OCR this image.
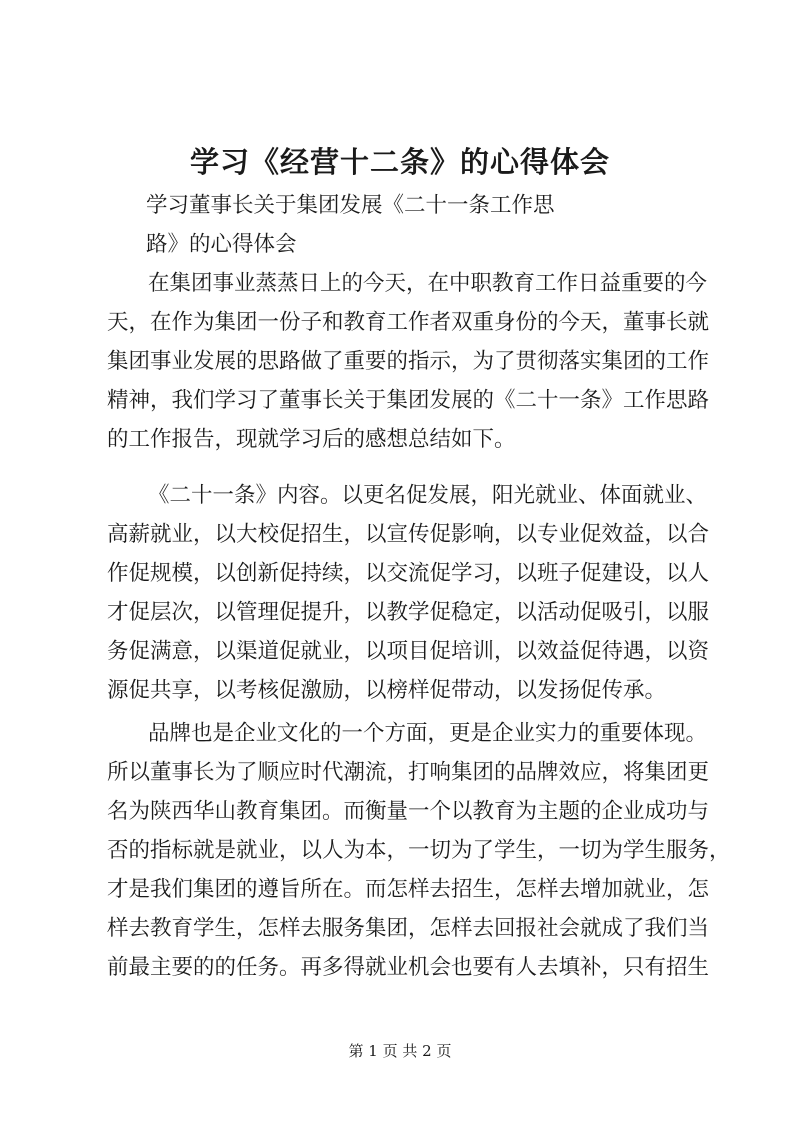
学习《经营十二条》的心得体会

学习董事长关于集团发展《二十一条工作思

路》的心得体会

在集团事业蒸蒸日上的今天，在中职教育工作日益重要的今

天，在作为集团一份子和教育工作者双重身份的今天，董事长就

集团事业发展的思路做了重要的指示，为了贯彻落实集团的工作

精神，我们学习了董事长关于集团发展的《二十一条》工作思路

的工作报告，现就学习后的感想总结如下。

《二十一条》内容。以更名促发展，阳光就业、体面就业、

高薪就业，以大校促招生，以宣传促影响，以专业促效益，以合

作促规模，以创新促持续，以交流促学习，以班子促建设，以人

才促层次，以管理促提升，以教学促稳定，以活动促吸引，以服

务促满意，以渠道促就业，以项目促培训，以效益促待遇，以资

源促共享，以考核促激励，以榜样促带动，以发扬促传承。

品牌也是企业文化的一个方面，更是企业实力的重要体现。

所以董事长为了顺应时代潮流，打响集团的品牌效应，将集团更

名为陕西华山教育集团。而衡量一个以教育为主题的企业成功与

否的指标就是就业，以人为本，一切为了学生，一切为学生服务，

才是我们集团的遵旨所在。而怎样去招生，怎样去增加就业，怎

样去教育学生，怎样去服务集团，怎样去回报社会就成了我们当

前最主要的的任务。再多得就业机会也要有人去填补，只有招生

第 1 页 共 2 页
